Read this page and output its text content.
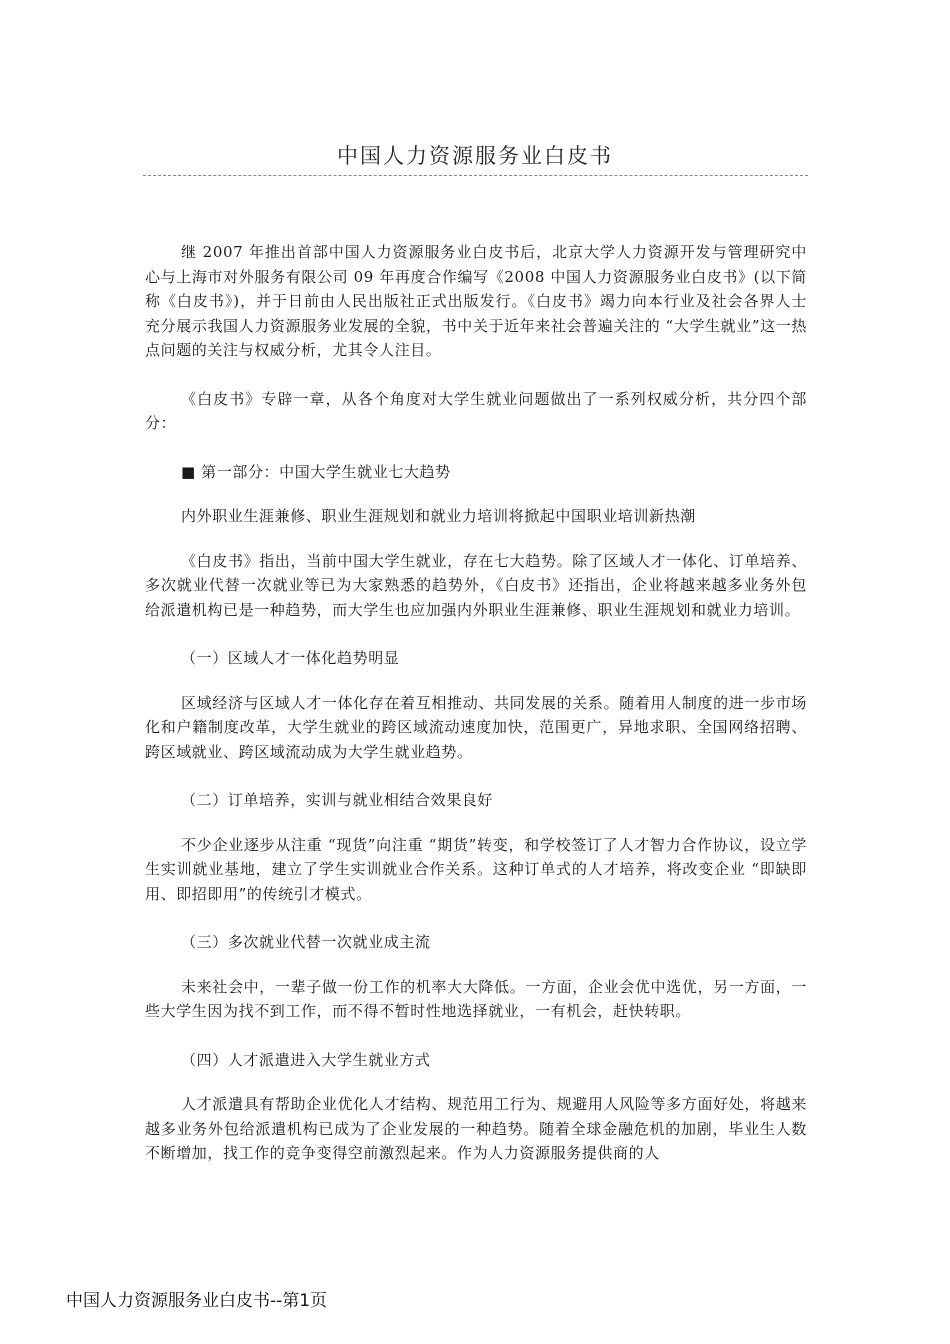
中国人力资源服务业白皮书

继 2007 年推出首部中国人力资源服务业白皮书后，北京大学人力资源开发与管理研究中心与上海市对外服务有限公司 09 年再度合作编写《2008 中国人力资源服务业白皮书》(以下简称《白皮书》)，并于日前由人民出版社正式出版发行。《白皮书》竭力向本行业及社会各界人士充分展示我国人力资源服务业发展的全貌，书中关于近年来社会普遍关注的 “大学生就业”这一热点问题的关注与权威分析，尤其令人注目。

《白皮书》专辟一章，从各个角度对大学生就业问题做出了一系列权威分析，共分四个部分：

■ 第一部分：中国大学生就业七大趋势

内外职业生涯兼修、职业生涯规划和就业力培训将掀起中国职业培训新热潮

《白皮书》指出，当前中国大学生就业，存在七大趋势。除了区域人才一体化、订单培养、多次就业代替一次就业等已为大家熟悉的趋势外，《白皮书》还指出，企业将越来越多业务外包给派遣机构已是一种趋势，而大学生也应加强内外职业生涯兼修、职业生涯规划和就业力培训。

（一）区域人才一体化趋势明显

区域经济与区域人才一体化存在着互相推动、共同发展的关系。随着用人制度的进一步市场化和户籍制度改革，大学生就业的跨区域流动速度加快，范围更广，异地求职、全国网络招聘、跨区域就业、跨区域流动成为大学生就业趋势。

（二）订单培养，实训与就业相结合效果良好

不少企业逐步从注重 “现货”向注重 “期货”转变，和学校签订了人才智力合作协议，设立学生实训就业基地，建立了学生实训就业合作关系。这种订单式的人才培养，将改变企业 “即缺即用、即招即用”的传统引才模式。

（三）多次就业代替一次就业成主流

未来社会中，一辈子做一份工作的机率大大降低。一方面，企业会优中选优，另一方面，一些大学生因为找不到工作，而不得不暂时性地选择就业，一有机会，赶快转职。

（四）人才派遣进入大学生就业方式

人才派遣具有帮助企业优化人才结构、规范用工行为、规避用人风险等多方面好处，将越来越多业务外包给派遣机构已成为了企业发展的一种趋势。随着全球金融危机的加剧，毕业生人数不断增加，找工作的竞争变得空前激烈起来。作为人力资源服务提供商的人

中国人力资源服务业白皮书--第1页
